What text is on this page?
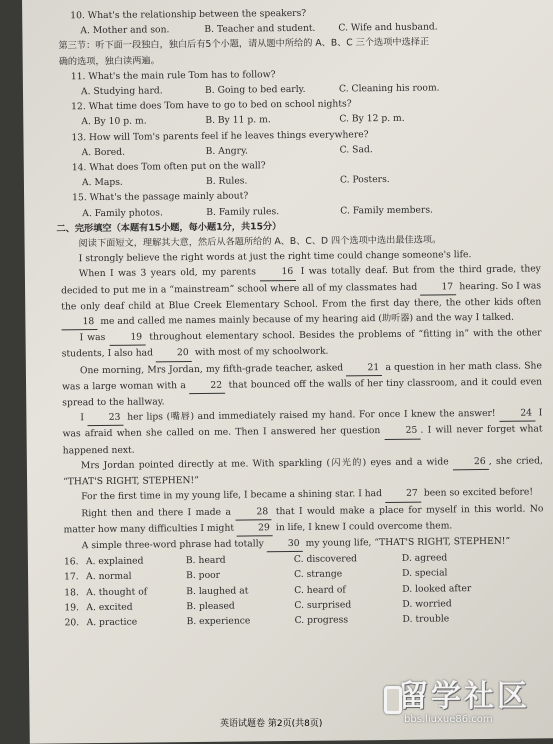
10. What's the relationship between the speakers?
A. Mother and son.	B. Teacher and student.	C. Wife and husband.
第三节：听下面一段独白，独白后有5个小题，请从题中所给的 A、B、C 三个选项中选择正
确的选项，独白读两遍。
11. What's the main rule Tom has to follow?
A. Studying hard.	B. Going to bed early.	C. Cleaning his room.
12. What time does Tom have to go to bed on school nights?
A. By 10 p. m.	B. By 11 p. m.	C. By 12 p. m.
13. How will Tom's parents feel if he leaves things everywhere?
A. Bored.	B. Angry.	C. Sad.
14. What does Tom often put on the wall?
A. Maps.	B. Rules.	C. Posters.
15. What's the passage mainly about?
A. Family photos.	B. Family rules.	C. Family members.
二、完形填空（本题有15小题，每小题1分，共15分）
阅读下面短文，理解其大意，然后从各题所给的 A、B、C、D 四个选项中选出最佳选项。

I strongly believe the right words at just the right time could change someone's life.

When I was 3 years old, my parents 16 I was totally deaf. But from the third grade, they decided to put me in a “mainstream” school where all of my classmates had 17 hearing. So I was the only deaf child at Blue Creek Elementary School. From the first day there, the other kids often 18 me and called me names mainly because of my hearing aid (助听器) and the way I talked.

I was 19 throughout elementary school. Besides the problems of “fitting in” with the other students, I also had 20 with most of my schoolwork.

One morning, Mrs Jordan, my fifth-grade teacher, asked 21 a question in her math class. She was a large woman with a 22 that bounced off the walls of her tiny classroom, and it could even spread to the hallway.

I 23 her lips (嘴唇) and immediately raised my hand. For once I knew the answer! 24 I was afraid when she called on me. Then I answered her question 25 . I will never forget what happened next.

Mrs Jordan pointed directly at me. With sparkling (闪光的) eyes and a wide 26 , she cried, “THAT'S RIGHT, STEPHEN!”

For the first time in my young life, I became a shining star. I had 27 been so excited before!

Right then and there I made a 28 that I would make a place for myself in this world. No matter how many difficulties I might 29 in life, I knew I could overcome them.

A simple three-word phrase had totally 30 my young life, “THAT'S RIGHT, STEPHEN!”

16. A. explained	B. heard	C. discovered	D. agreed
17. A. normal	B. poor	C. strange	D. special
18. A. thought of	B. laughed at	C. heard of	D. looked after
19. A. excited	B. pleased	C. surprised	D. worried
20. A. practice	B. experience	C. progress	D. trouble
英语试题卷 第2页(共8页)
留学社区
bbs.liuxue86.com
